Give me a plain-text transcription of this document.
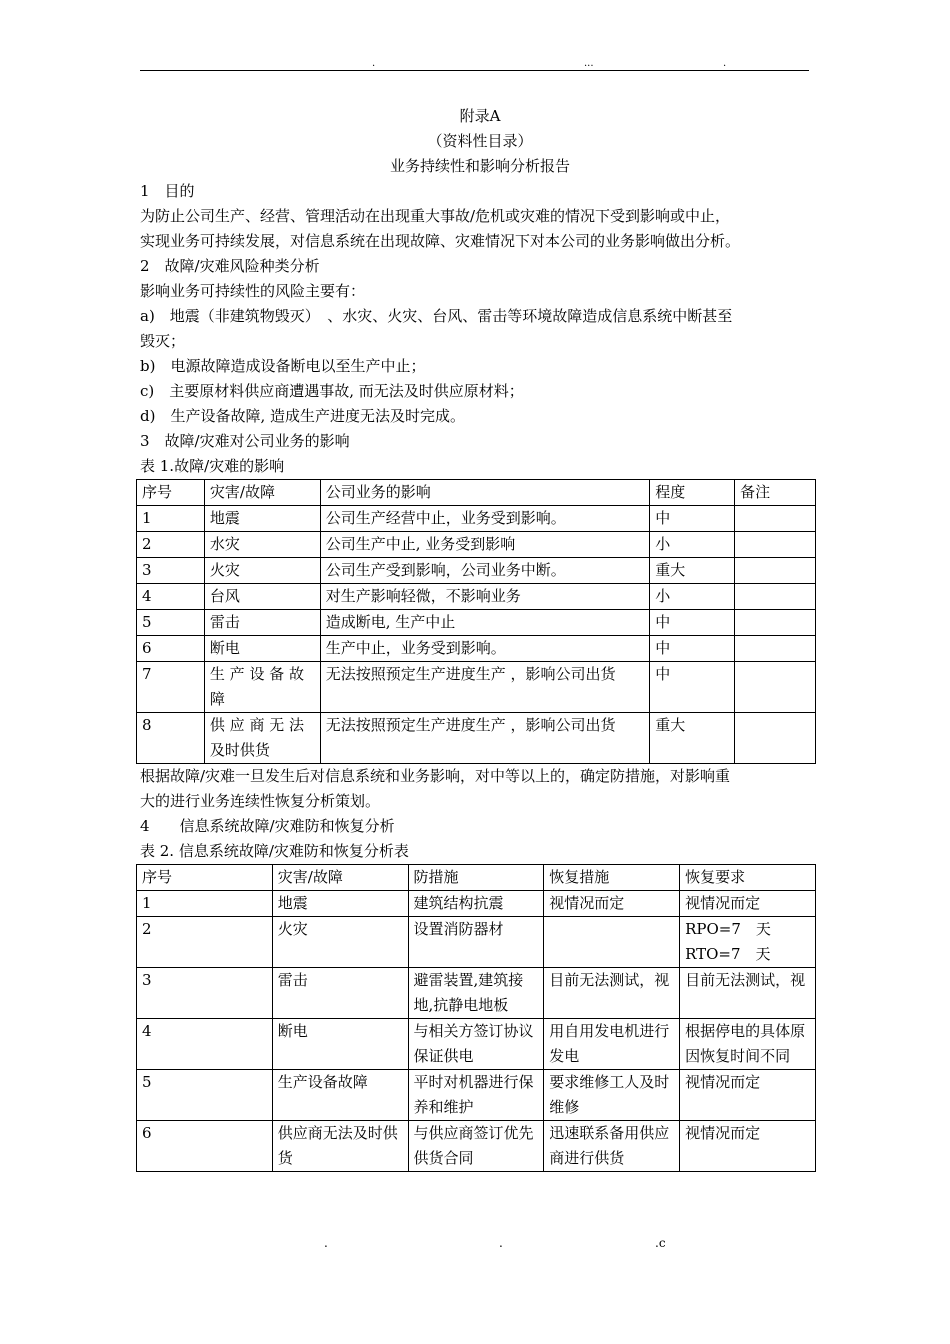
.	...	.

附录A

（资料性目录）

业务持续性和影响分析报告

1　目的

为防止公司生产、经营、管理活动在出现重大事故/危机或灾难的情况下受到影响或中止，

实现业务可持续发展，对信息系统在出现故障、灾难情况下对本公司的业务影响做出分析。

2　故障/灾难风险种类分析

影响业务可持续性的风险主要有：

a)　地震（非建筑物毁灭）　、水灾、火灾、台风、雷击等环境故障造成信息系统中断甚至

毁灭；

b)　电源故障造成设备断电以至生产中止；

c)　主要原材料供应商遭遇事故, 而无法及时供应原材料；

d)　生产设备故障, 造成生产进度无法及时完成。

3　故障/灾难对公司业务的影响

表 1.故障/灾难的影响

序号	灾害/故障	公司业务的影响	程度	备注
1	地震	公司生产经营中止，业务受到影响。	中	
2	水灾	公司生产中止, 业务受到影响	小	
3	火灾	公司生产受到影响，公司业务中断。	重大	
4	台风	对生产影响轻微，不影响业务	小	
5	雷击	造成断电, 生产中止	中	
6	断电	生产中止，业务受到影响。	中	
7	生 产 设 备 故障	无法按照预定生产进度生产 ，影响公司出货	中	
8	供 应 商 无 法 及时供货	无法按照预定生产进度生产 ，影响公司出货	重大	

根据故障/灾难一旦发生后对信息系统和业务影响，对中等以上的，确定防措施，对影响重

大的进行业务连续性恢复分析策划。

4　　信息系统故障/灾难防和恢复分析

表 2. 信息系统故障/灾难防和恢复分析表

序号	灾害/故障	防措施	恢复措施	恢复要求
1	地震	建筑结构抗震	视情况而定	视情况而定
2	火灾	设置消防器材		RPO=7　天
RTO=7　天
3	雷击	避雷装置,建筑接地,抗静电地板	目前无法测试，视	目前无法测试，视
4	断电	与相关方签订协议保证供电	用自用发电机进行发电	根据停电的具体原因恢复时间不同
5	生产设备故障	平时对机器进行保养和维护	要求维修工人及时维修	视情况而定
6	供应商无法及时供货	与供应商签订优先供货合同	迅速联系备用供应商进行供货	视情况而定
.	.	.c
